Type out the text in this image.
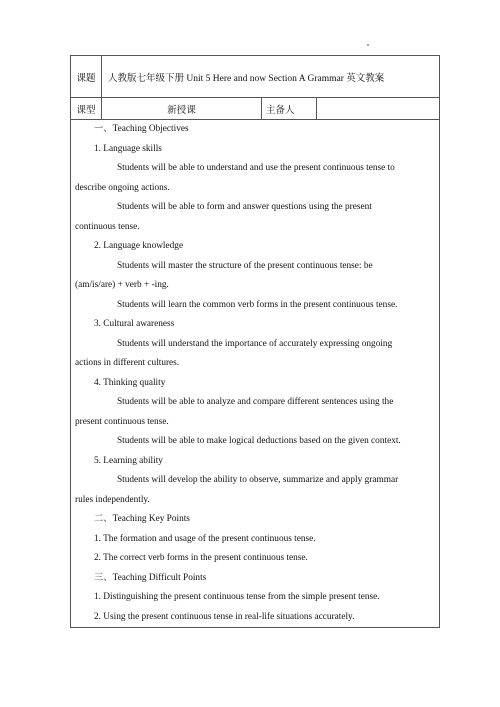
课题	人教版七年级下册 Unit 5 Here and now Section A Grammar 英文教案
课型	新授课	主备人
一、Teaching Objectives
1. Language skills
Students will be able to understand and use the present continuous tense to
describe ongoing actions.
Students will be able to form and answer questions using the present
continuous tense.
2. Language knowledge
Students will master the structure of the present continuous tense: be
(am/is/are) + verb + -ing.
Students will learn the common verb forms in the present continuous tense.
3. Cultural awareness
Students will understand the importance of accurately expressing ongoing
actions in different cultures.
4. Thinking quality
Students will be able to analyze and compare different sentences using the
present continuous tense.
Students will be able to make logical deductions based on the given context.
5. Learning ability
Students will develop the ability to observe, summarize and apply grammar
rules independently.
二、Teaching Key Points
1. The formation and usage of the present continuous tense.
2. The correct verb forms in the present continuous tense.
三、Teaching Difficult Points
1. Distinguishing the present continuous tense from the simple present tense.
2. Using the present continuous tense in real-life situations accurately.
